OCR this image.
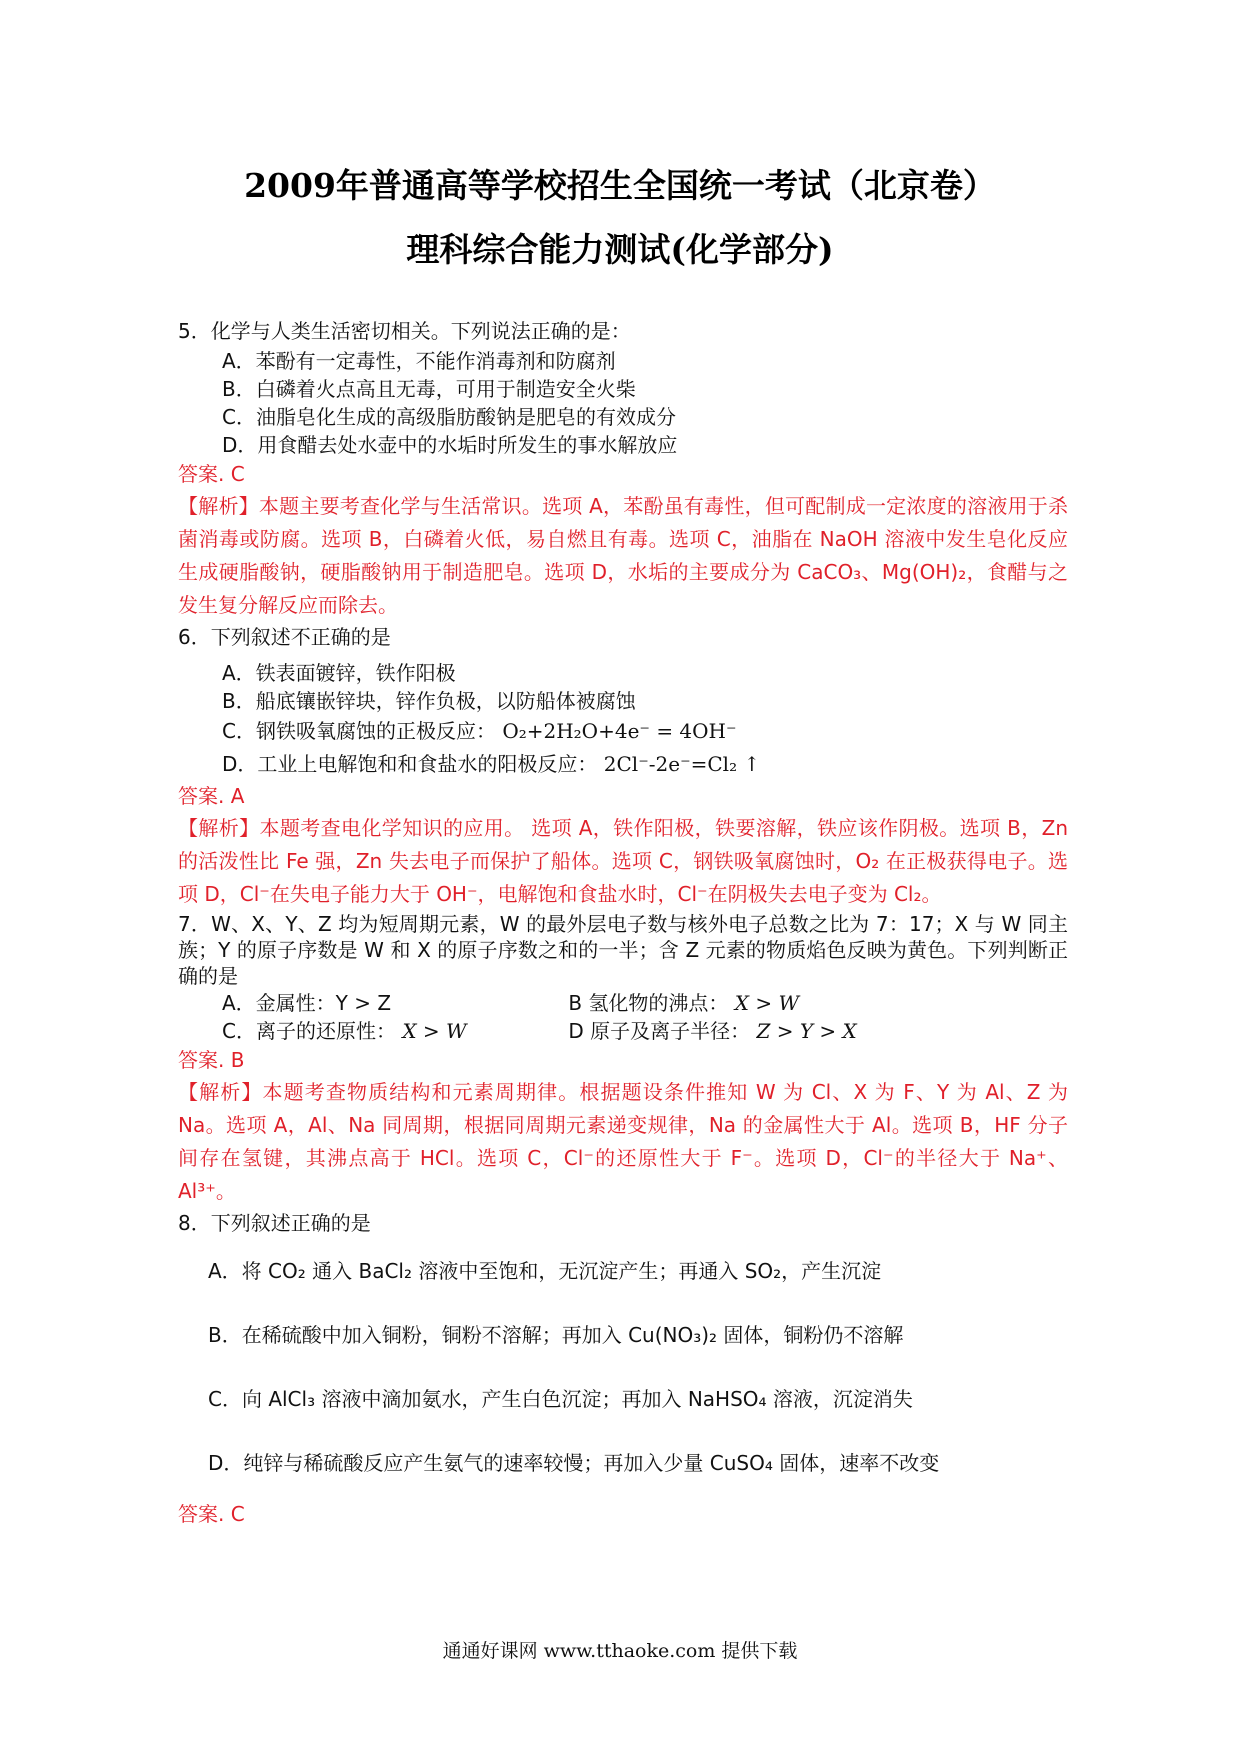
2009年普通高等学校招生全国统一考试（北京卷）
理科综合能力测试(化学部分)
5．化学与人类生活密切相关。下列说法正确的是：
A．苯酚有一定毒性，不能作消毒剂和防腐剂
B．白磷着火点高且无毒，可用于制造安全火柴
C．油脂皂化生成的高级脂肪酸钠是肥皂的有效成分
D．用食醋去处水壶中的水垢时所发生的事水解放应
答案. C
【解析】本题主要考查化学与生活常识。选项 A，苯酚虽有毒性，但可配制成一定浓度的溶液用于杀菌消毒或防腐。选项 B，白磷着火低，易自燃且有毒。选项 C，油脂在 NaOH 溶液中发生皂化反应生成硬脂酸钠，硬脂酸钠用于制造肥皂。选项 D，水垢的主要成分为 CaCO₃、Mg(OH)₂，食醋与之发生复分解反应而除去。
6．下列叙述不正确的是
A．铁表面镀锌，铁作阳极
B．船底镶嵌锌块，锌作负极，以防船体被腐蚀
C．钢铁吸氧腐蚀的正极反应： O₂+2H₂O+4e⁻ = 4OH⁻
D．工业上电解饱和和食盐水的阳极反应： 2Cl⁻-2e⁻=Cl₂ ↑
答案. A
【解析】本题考查电化学知识的应用。 选项 A，铁作阳极，铁要溶解，铁应该作阴极。选项 B，Zn 的活泼性比 Fe 强，Zn 失去电子而保护了船体。选项 C，钢铁吸氧腐蚀时，O₂ 在正极获得电子。选项 D，Cl⁻在失电子能力大于 OH⁻，电解饱和食盐水时，Cl⁻在阴极失去电子变为 Cl₂。
7．W、X、Y、Z 均为短周期元素，W 的最外层电子数与核外电子总数之比为 7：17；X 与 W 同主族；Y 的原子序数是 W 和 X 的原子序数之和的一半；含 Z 元素的物质焰色反映为黄色。下列判断正确的是
A．金属性：Y > Z	B 氢化物的沸点： X > W
C．离子的还原性： X > W	D 原子及离子半径： Z > Y > X
答案. B
【解析】本题考查物质结构和元素周期律。根据题设条件推知 W 为 Cl、X 为 F、Y 为 Al、Z 为 Na。选项 A，Al、Na 同周期，根据同周期元素递变规律，Na 的金属性大于 Al。选项 B，HF 分子间存在氢键，其沸点高于 HCl。选项 C，Cl⁻的还原性大于 F⁻。选项 D，Cl⁻的半径大于 Na⁺、Al³⁺。
8．下列叙述正确的是
A．将 CO₂ 通入 BaCl₂ 溶液中至饱和，无沉淀产生；再通入 SO₂，产生沉淀
B．在稀硫酸中加入铜粉，铜粉不溶解；再加入 Cu(NO₃)₂ 固体，铜粉仍不溶解
C．向 AlCl₃ 溶液中滴加氨水，产生白色沉淀；再加入 NaHSO₄ 溶液，沉淀消失
D．纯锌与稀硫酸反应产生氨气的速率较慢；再加入少量 CuSO₄ 固体，速率不改变
答案. C
通通好课网 www.tthaoke.com 提供下载
